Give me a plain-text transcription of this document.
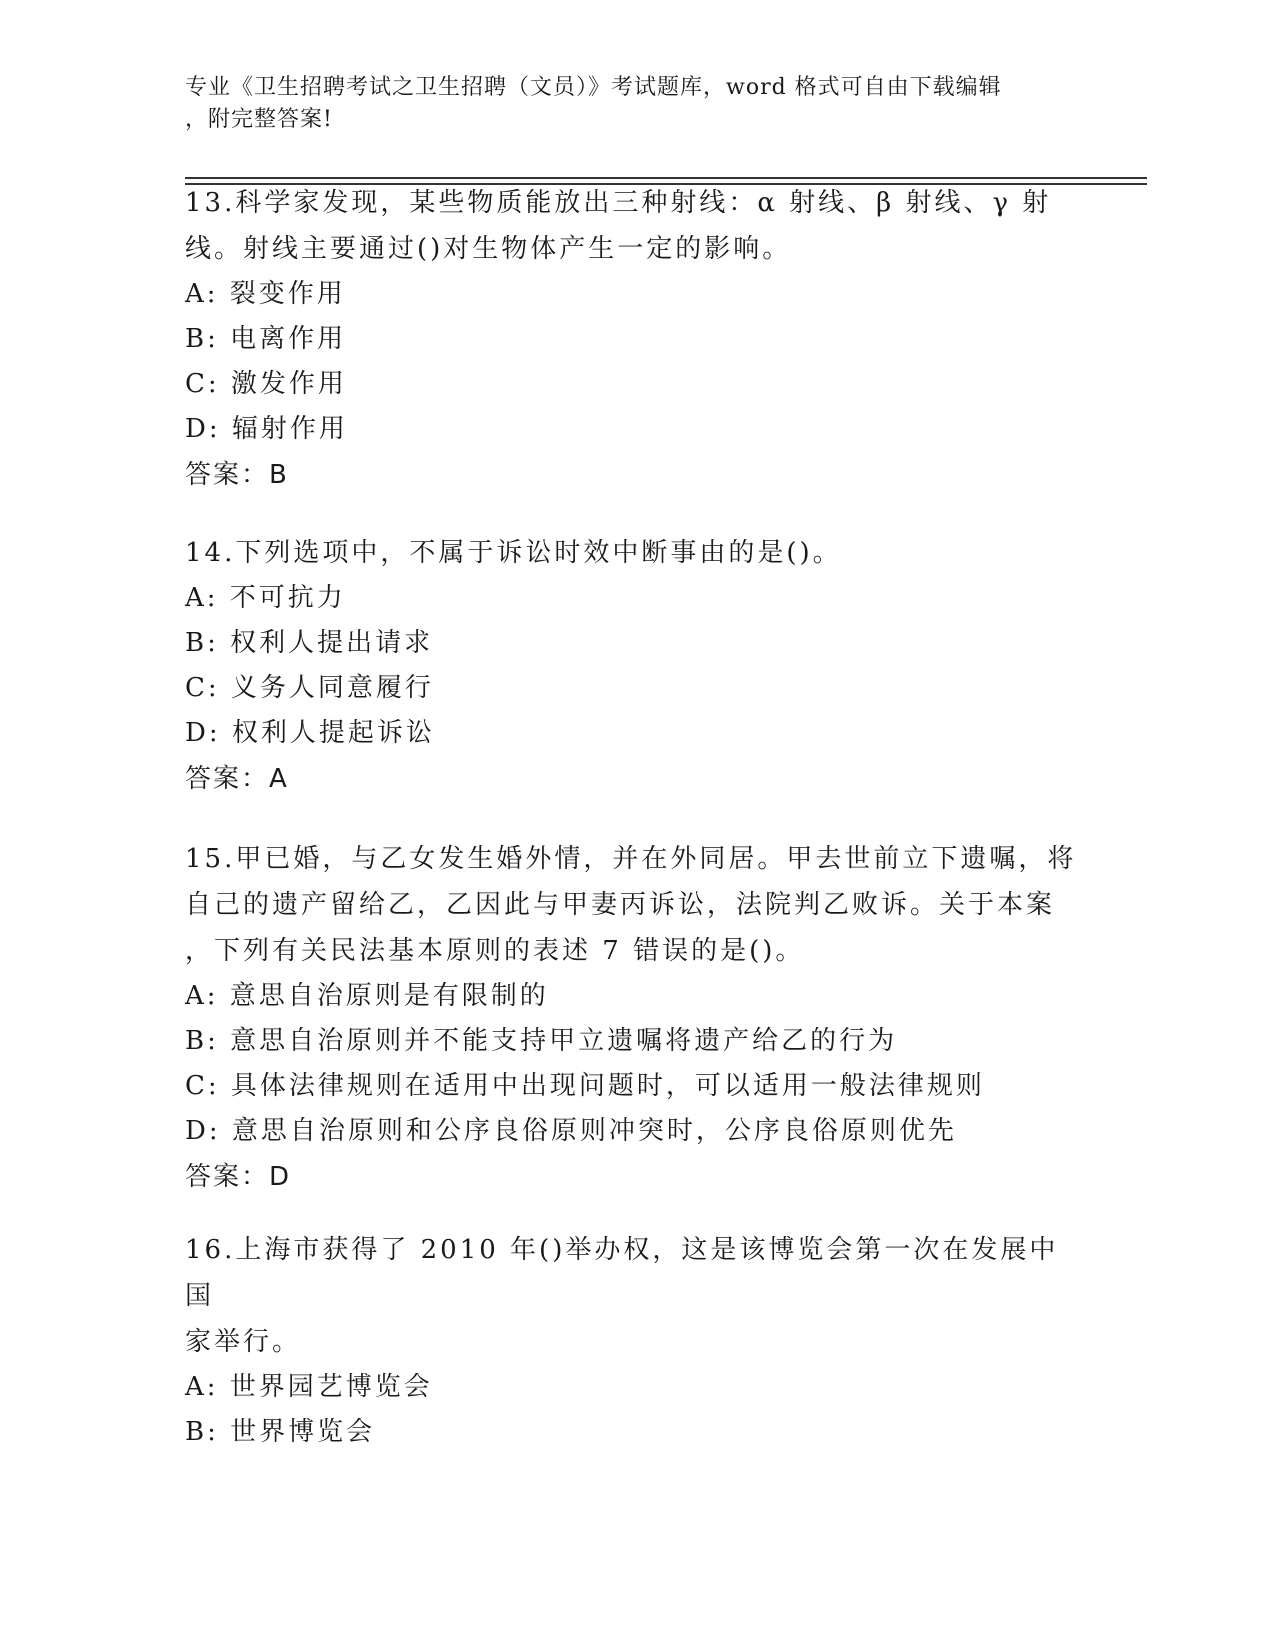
专业《卫生招聘考试之卫生招聘（文员）》考试题库，word 格式可自由下载编辑
，附完整答案!
13.科学家发现，某些物质能放出三种射线：α 射线、β 射线、γ 射
线。射线主要通过()对生物体产生一定的影响。
A: 裂变作用
B: 电离作用
C: 激发作用
D: 辐射作用
答案：B
14.下列选项中，不属于诉讼时效中断事由的是()。
A: 不可抗力
B: 权利人提出请求
C: 义务人同意履行
D: 权利人提起诉讼
答案：A
15.甲已婚，与乙女发生婚外情，并在外同居。甲去世前立下遗嘱，将
自己的遗产留给乙，乙因此与甲妻丙诉讼，法院判乙败诉。关于本案
，下列有关民法基本原则的表述 7 错误的是()。
A: 意思自治原则是有限制的
B: 意思自治原则并不能支持甲立遗嘱将遗产给乙的行为
C: 具体法律规则在适用中出现问题时，可以适用一般法律规则
D: 意思自治原则和公序良俗原则冲突时，公序良俗原则优先
答案：D
16.上海市获得了 2010 年()举办权，这是该博览会第一次在发展中国
家举行。
A: 世界园艺博览会
B: 世界博览会
